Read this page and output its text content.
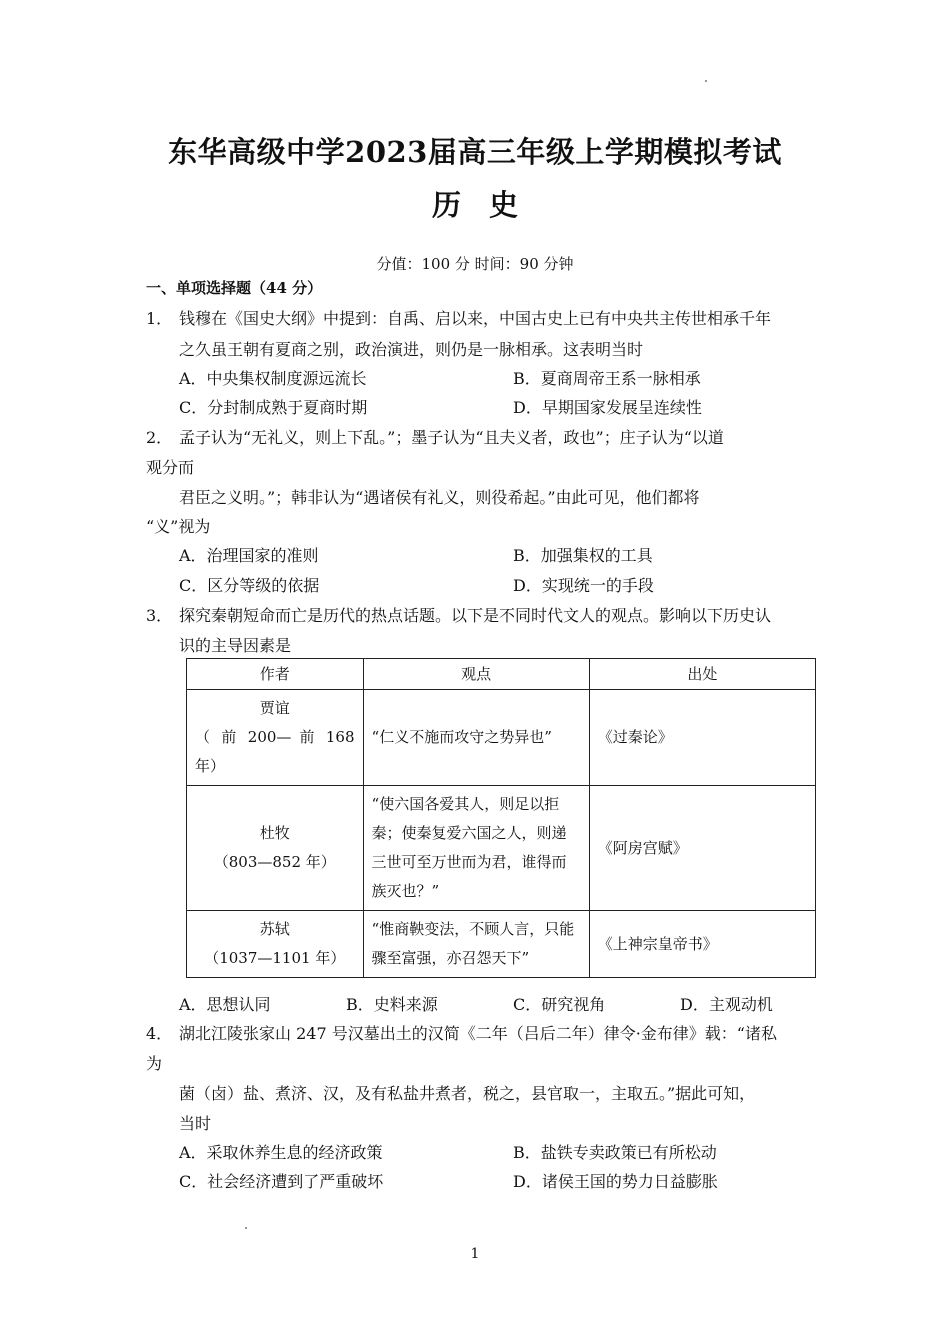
东华高级中学2023届高三年级上学期模拟考试
历史
分值：100 分 时间：90 分钟
一、单项选择题（44 分）
1． 钱穆在《国史大纲》中提到：自禹、启以来，中国古史上已有中央共主传世相承千年
之久虽王朝有夏商之别，政治演进，则仍是一脉相承。这表明当时
A．中央集权制度源远流长	B．夏商周帝王系一脉相承
C．分封制成熟于夏商时期	D．早期国家发展呈连续性
2． 孟子认为“无礼义，则上下乱。”；墨子认为“且夫义者，政也”；庄子认为“以道
观分而
君臣之义明。”；韩非认为“遇诸侯有礼义，则役希起。”由此可见，他们都将
“义”视为
A．治理国家的准则	B．加强集权的工具
C．区分等级的依据	D．实现统一的手段
3． 探究秦朝短命而亡是历代的热点话题。以下是不同时代文人的观点。影响以下历史认
识的主导因素是
作者	观点	出处

贾谊
（ 前 200— 前 168
年）	“仁义不施而攻守之势异也”	《过秦论》

杜牧
（803—852 年）	“使六国各爱其人，则足以拒秦；使秦复爱六国之人，则递三世可至万世而为君，谁得而族灭也？”	《阿房宫赋》

苏轼
（1037—1101 年）	“惟商鞅变法，不顾人言，只能骤至富强，亦召怨天下”	《上神宗皇帝书》
A．思想认同	B．史料来源	C．研究视角	D．主观动机
4． 湖北江陵张家山 247 号汉墓出土的汉简《二年（吕后二年）律令·金布律》载：“诸私
为
菌（卤）盐、煮济、汉，及有私盐井煮者，税之，县官取一，主取五。”据此可知，
当时
A．采取休养生息的经济政策	B．盐铁专卖政策已有所松动
C．社会经济遭到了严重破坏	D．诸侯王国的势力日益膨胀
1
